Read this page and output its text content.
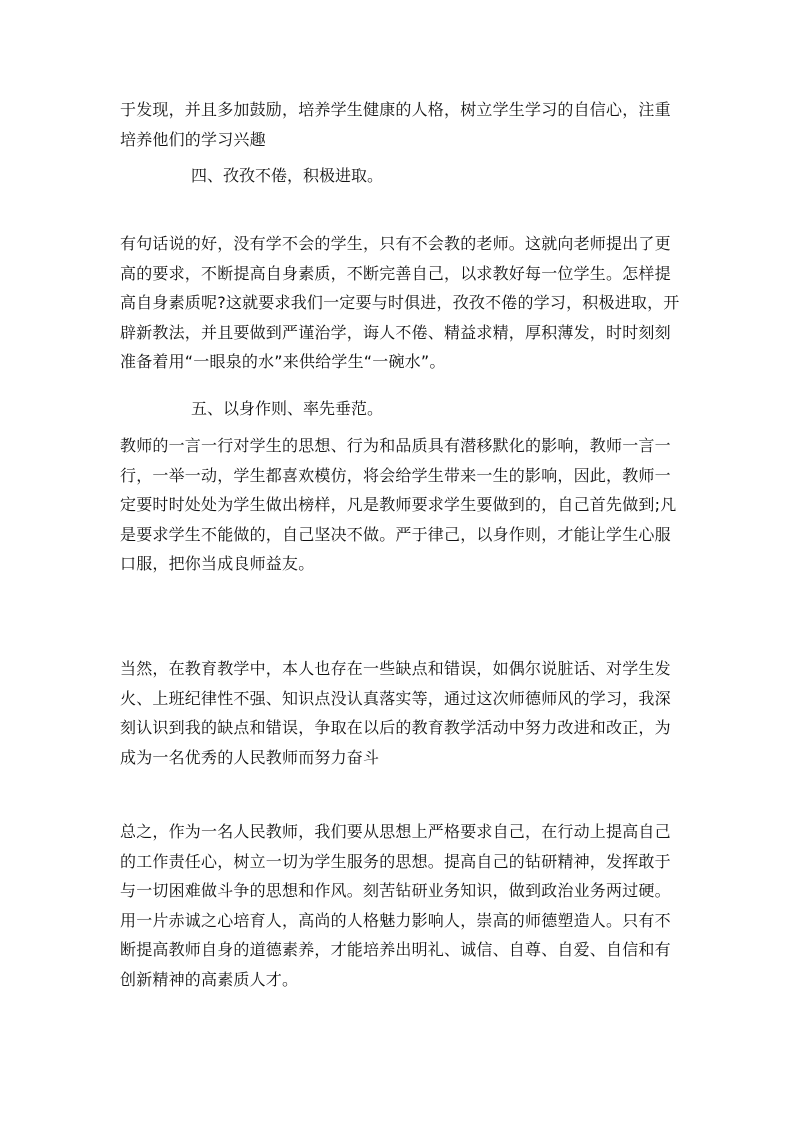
于发现，并且多加鼓励，培养学生健康的人格，树立学生学习的自信心，注重
培养他们的学习兴趣

四、孜孜不倦，积极进取。

有句话说的好，没有学不会的学生，只有不会教的老师。这就向老师提出了更
高的要求，不断提高自身素质，不断完善自己，以求教好每一位学生。怎样提
高自身素质呢?这就要求我们一定要与时俱进，孜孜不倦的学习，积极进取，开
辟新教法，并且要做到严谨治学，诲人不倦、精益求精，厚积薄发，时时刻刻
准备着用“一眼泉的水”来供给学生“一碗水”。

五、以身作则、率先垂范。

教师的一言一行对学生的思想、行为和品质具有潜移默化的影响，教师一言一
行，一举一动，学生都喜欢模仿，将会给学生带来一生的影响，因此，教师一
定要时时处处为学生做出榜样，凡是教师要求学生要做到的，自己首先做到;凡
是要求学生不能做的，自己坚决不做。严于律己，以身作则，才能让学生心服
口服，把你当成良师益友。

当然，在教育教学中，本人也存在一些缺点和错误，如偶尔说脏话、对学生发
火、上班纪律性不强、知识点没认真落实等，通过这次师德师风的学习，我深
刻认识到我的缺点和错误，争取在以后的教育教学活动中努力改进和改正，为
成为一名优秀的人民教师而努力奋斗

总之，作为一名人民教师，我们要从思想上严格要求自己，在行动上提高自己
的工作责任心，树立一切为学生服务的思想。提高自己的钻研精神，发挥敢于
与一切困难做斗争的思想和作风。刻苦钻研业务知识，做到政治业务两过硬。
用一片赤诚之心培育人，高尚的人格魅力影响人，崇高的师德塑造人。只有不
断提高教师自身的道德素养，才能培养出明礼、诚信、自尊、自爱、自信和有
创新精神的高素质人才。
